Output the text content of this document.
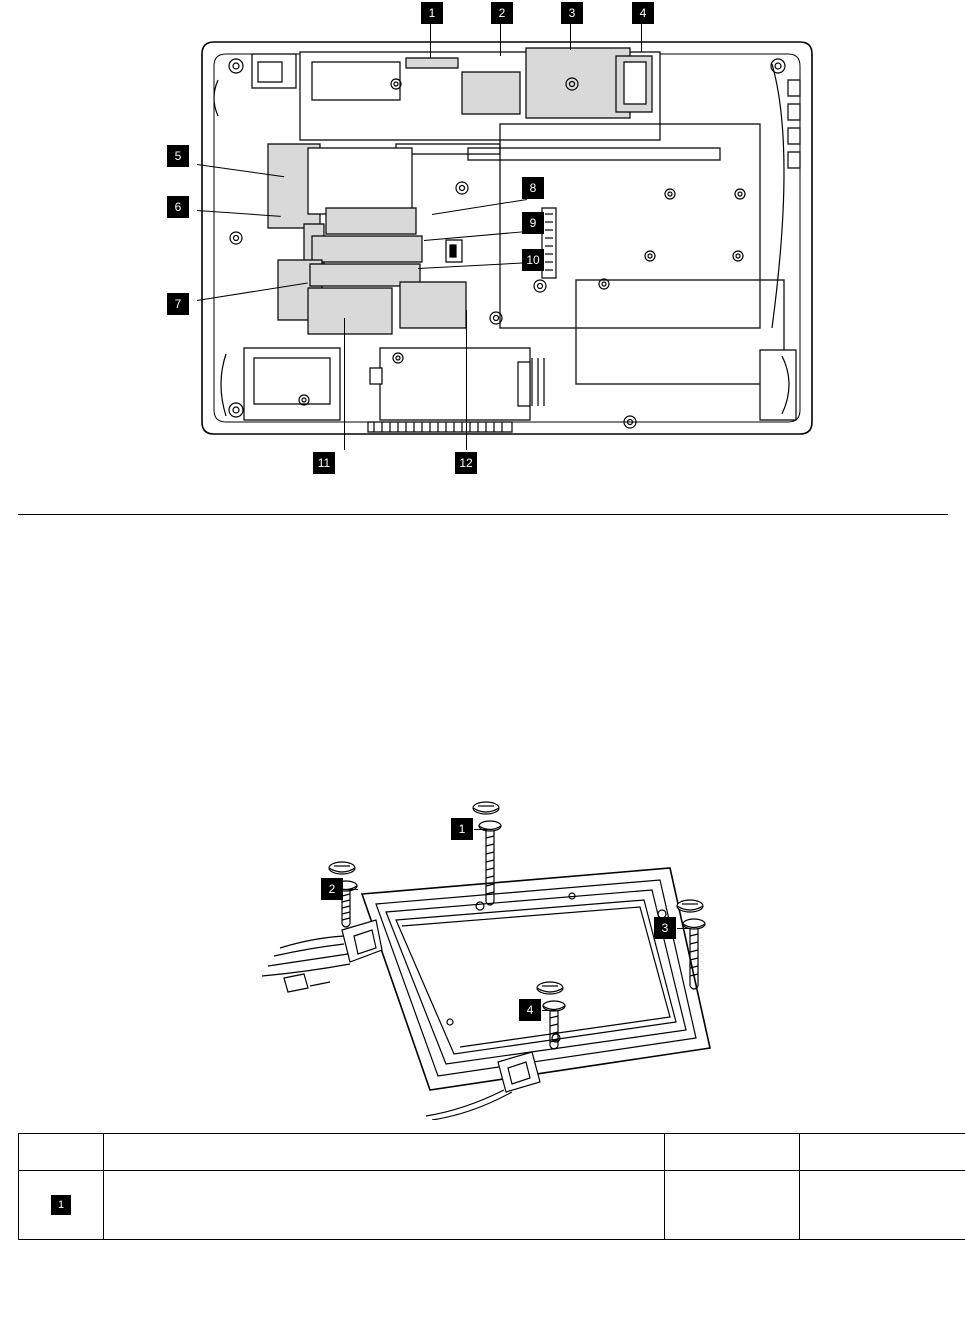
1	2	3	4
5
6
7
8
9
10
11	12
2
1
3
4

1			
